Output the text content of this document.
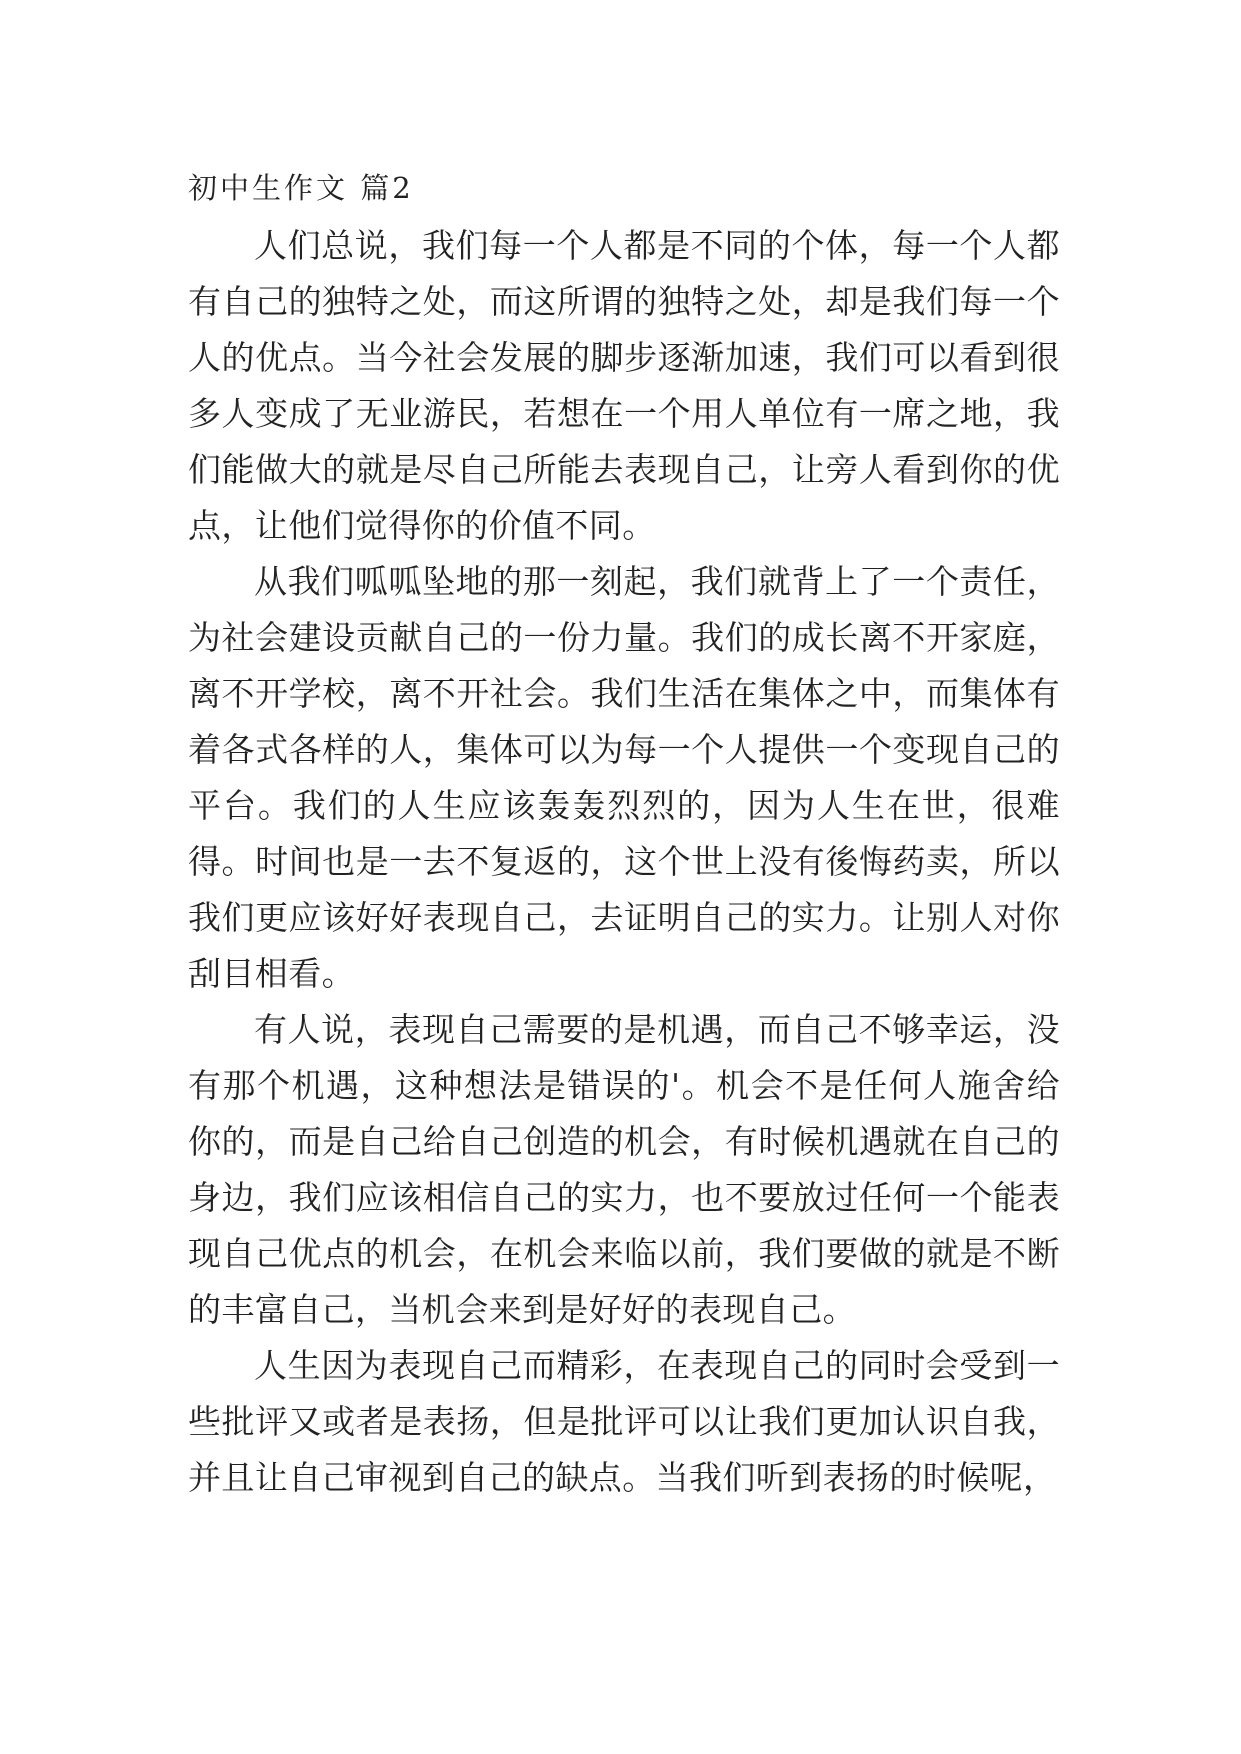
初中生作文 篇2

人们总说，我们每一个人都是不同的个体，每一个人都有自己的独特之处，而这所谓的独特之处，却是我们每一个人的优点。当今社会发展的脚步逐渐加速，我们可以看到很多人变成了无业游民，若想在一个用人单位有一席之地，我们能做大的就是尽自己所能去表现自己，让旁人看到你的优点，让他们觉得你的价值不同。

从我们呱呱坠地的那一刻起，我们就背上了一个责任，为社会建设贡献自己的一份力量。我们的成长离不开家庭，离不开学校，离不开社会。我们生活在集体之中，而集体有着各式各样的人，集体可以为每一个人提供一个变现自己的平台。我们的人生应该轰轰烈烈的，因为人生在世，很难得。时间也是一去不复返的，这个世上没有後悔药卖，所以我们更应该好好表现自己，去证明自己的实力。让别人对你刮目相看。

有人说，表现自己需要的是机遇，而自己不够幸运，没有那个机遇，这种想法是错误的'。机会不是任何人施舍给你的，而是自己给自己创造的机会，有时候机遇就在自己的身边，我们应该相信自己的实力，也不要放过任何一个能表现自己优点的机会，在机会来临以前，我们要做的就是不断的丰富自己，当机会来到是好好的表现自己。

人生因为表现自己而精彩，在表现自己的同时会受到一些批评又或者是表扬，但是批评可以让我们更加认识自我，并且让自己审视到自己的缺点。当我们听到表扬的时候呢，
